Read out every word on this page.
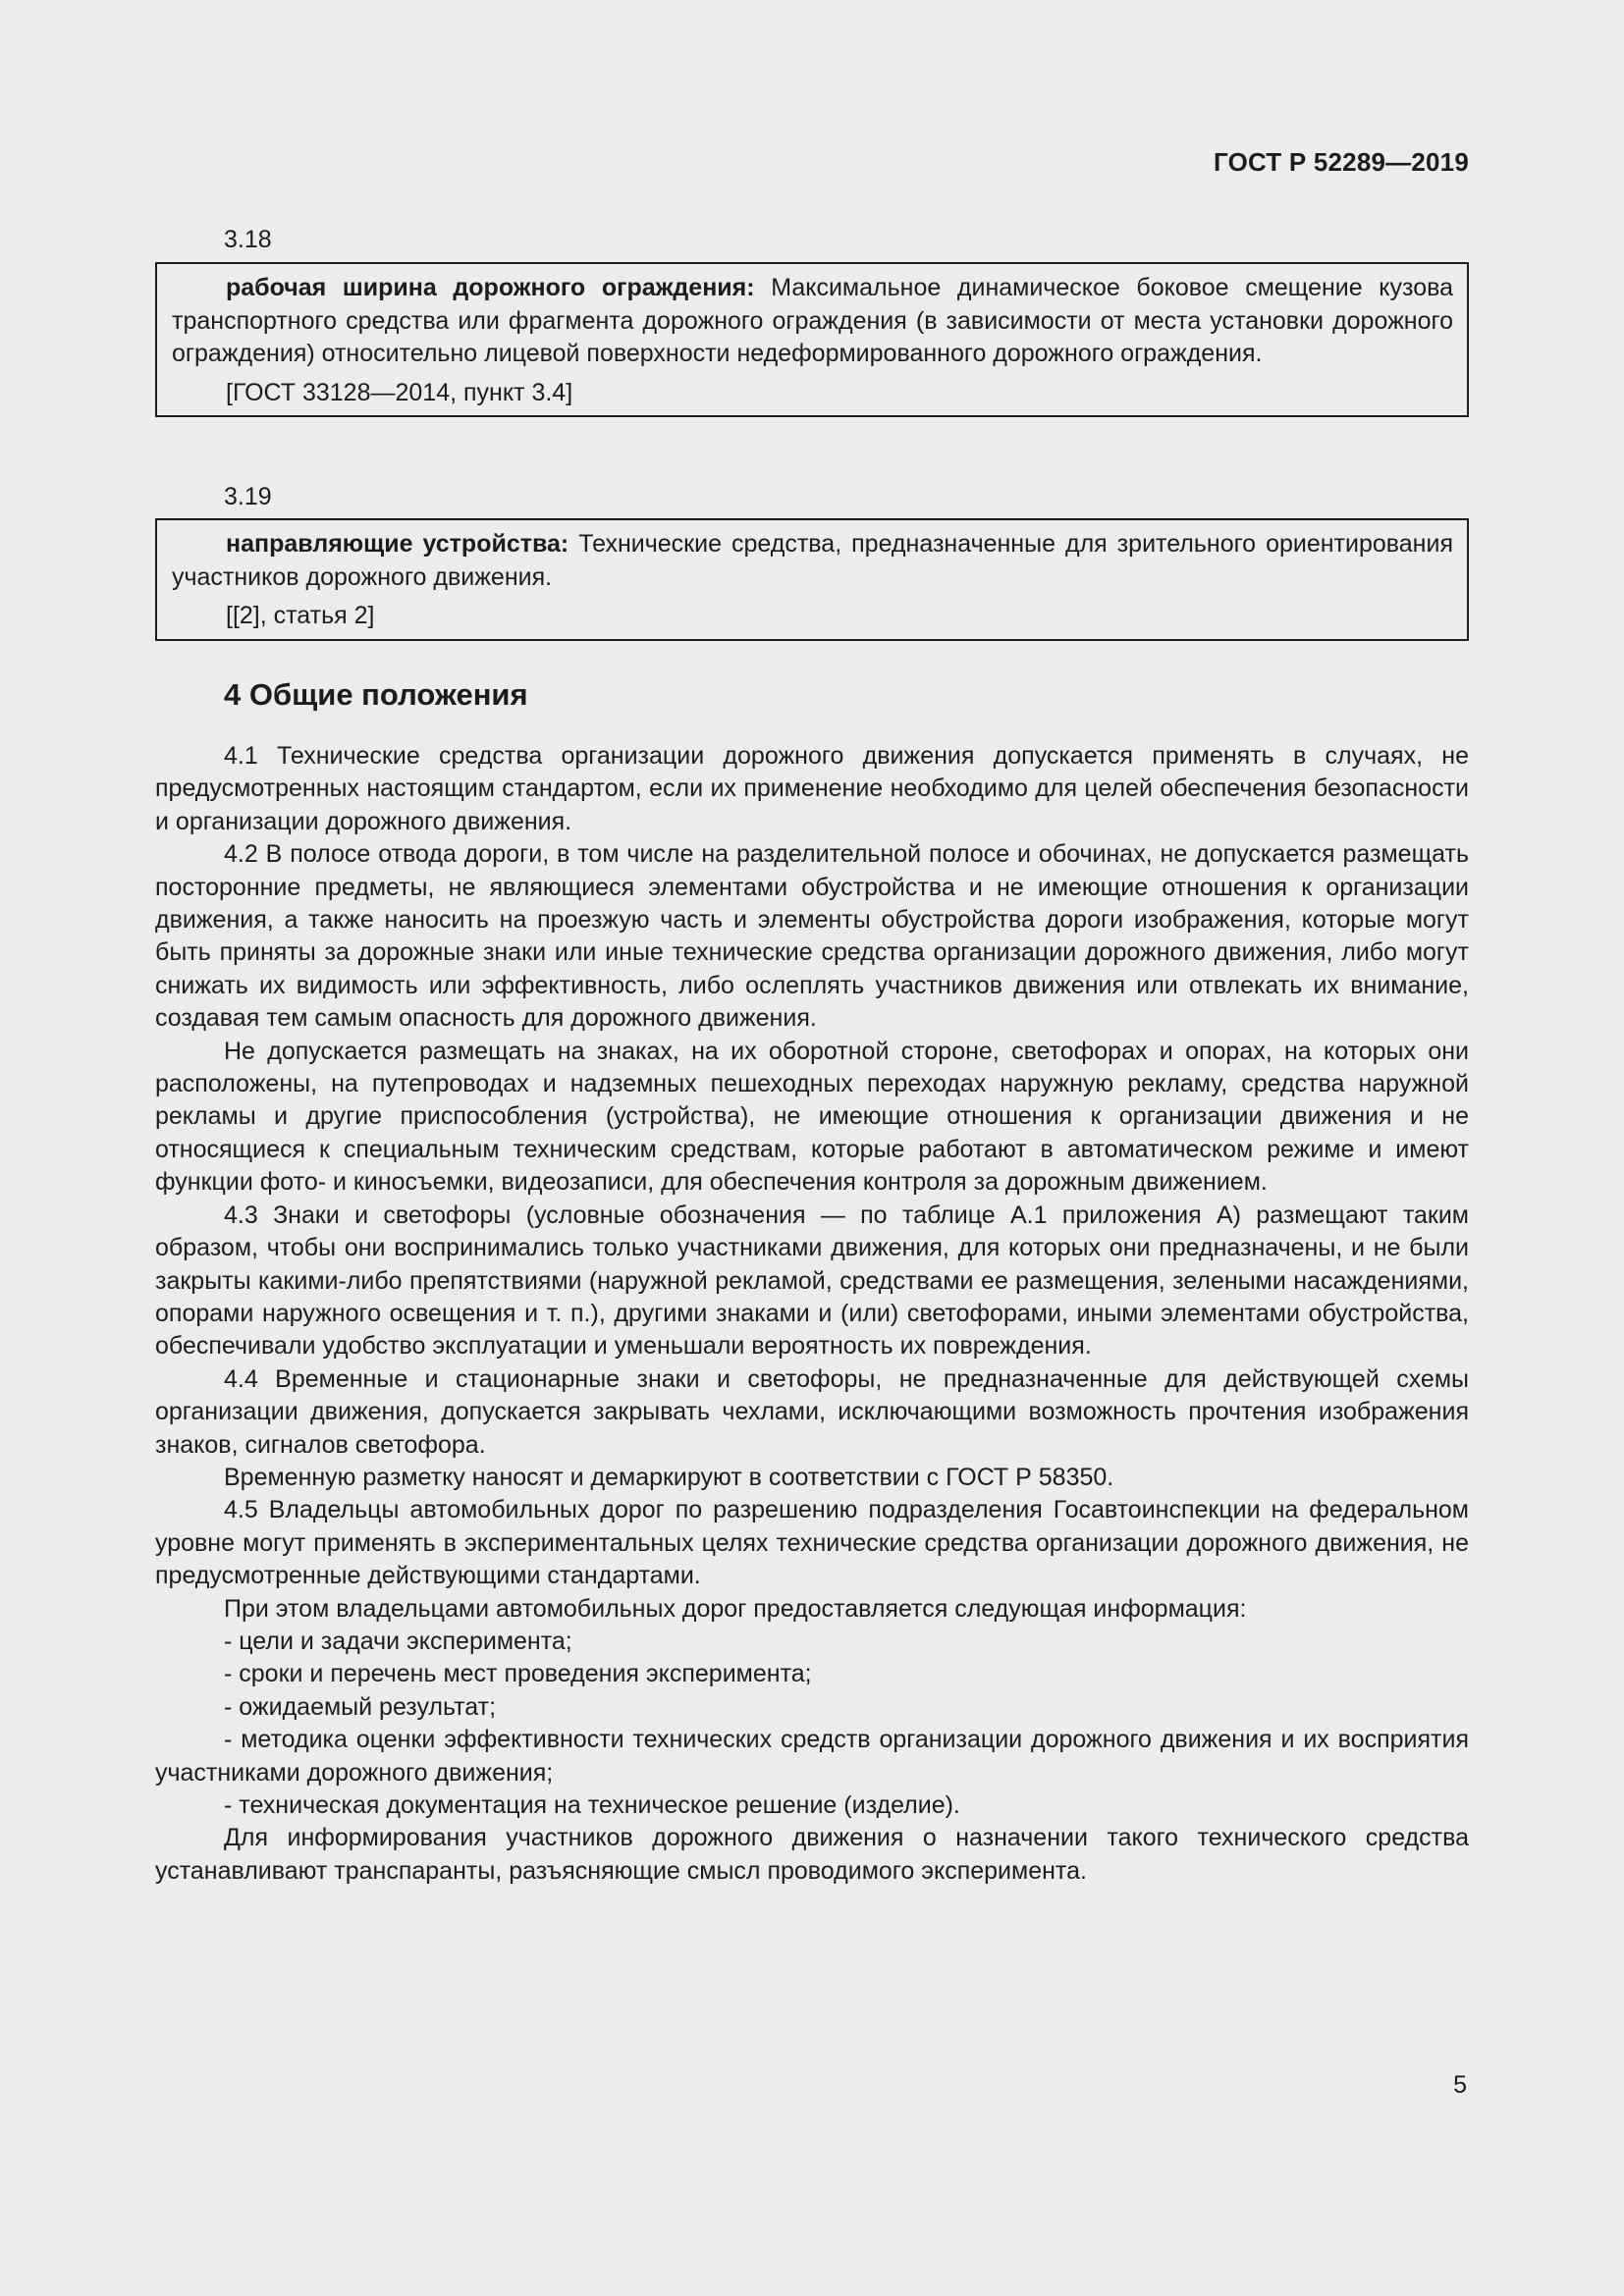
ГОСТ Р 52289—2019
3.18

рабочая ширина дорожного ограждения: Максимальное динамическое боковое смещение кузова транспортного средства или фрагмента дорожного ограждения (в зависимости от места установки дорожного ограждения) относительно лицевой поверхности недеформированного дорожного ограждения.

[ГОСТ 33128—2014, пункт 3.4]
3.19

направляющие устройства: Технические средства, предназначенные для зрительного ориентирования участников дорожного движения.

[[2], статья 2]
4 Общие положения

4.1 Технические средства организации дорожного движения допускается применять в случаях, не предусмотренных настоящим стандартом, если их применение необходимо для целей обеспечения безопасности и организации дорожного движения.

4.2 В полосе отвода дороги, в том числе на разделительной полосе и обочинах, не допускается размещать посторонние предметы, не являющиеся элементами обустройства и не имеющие отношения к организации движения, а также наносить на проезжую часть и элементы обустройства дороги изображения, которые могут быть приняты за дорожные знаки или иные технические средства организации дорожного движения, либо могут снижать их видимость или эффективность, либо ослеплять участников движения или отвлекать их внимание, создавая тем самым опасность для дорожного движения.

Не допускается размещать на знаках, на их оборотной стороне, светофорах и опорах, на которых они расположены, на путепроводах и надземных пешеходных переходах наружную рекламу, средства наружной рекламы и другие приспособления (устройства), не имеющие отношения к организации движения и не относящиеся к специальным техническим средствам, которые работают в автоматическом режиме и имеют функции фото- и киносъемки, видеозаписи, для обеспечения контроля за дорожным движением.

4.3 Знаки и светофоры (условные обозначения — по таблице А.1 приложения А) размещают таким образом, чтобы они воспринимались только участниками движения, для которых они предназначены, и не были закрыты какими-либо препятствиями (наружной рекламой, средствами ее размещения, зелеными насаждениями, опорами наружного освещения и т. п.), другими знаками и (или) светофорами, иными элементами обустройства, обеспечивали удобство эксплуатации и уменьшали вероятность их повреждения.

4.4 Временные и стационарные знаки и светофоры, не предназначенные для действующей схемы организации движения, допускается закрывать чехлами, исключающими возможность прочтения изображения знаков, сигналов светофора.

Временную разметку наносят и демаркируют в соответствии с ГОСТ Р 58350.

4.5 Владельцы автомобильных дорог по разрешению подразделения Госавтоинспекции на федеральном уровне могут применять в экспериментальных целях технические средства организации дорожного движения, не предусмотренные действующими стандартами.

При этом владельцами автомобильных дорог предоставляется следующая информация:

- цели и задачи эксперимента;

- сроки и перечень мест проведения эксперимента;

- ожидаемый результат;

- методика оценки эффективности технических средств организации дорожного движения и их восприятия участниками дорожного движения;

- техническая документация на техническое решение (изделие).

Для информирования участников дорожного движения о назначении такого технического средства устанавливают транспаранты, разъясняющие смысл проводимого эксперимента.

5
